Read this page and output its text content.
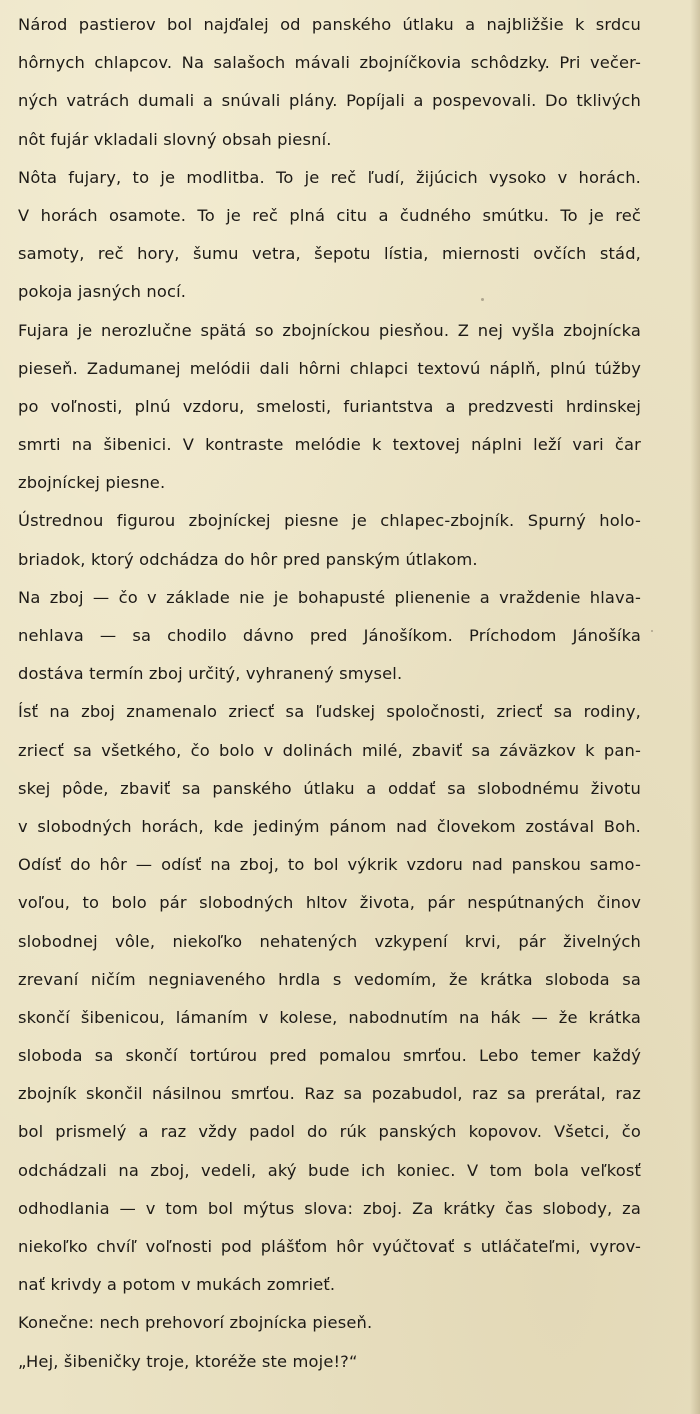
Národ pastierov bol najďalej od panského útlaku a najbližšie k srdcu
hôrnych chlapcov. Na salašoch mávali zbojníčkovia schôdzky. Pri večer-
ných vatrách dumali a snúvali plány. Popíjali a pospevovali. Do tklivých
nôt fujár vkladali slovný obsah piesní.
Nôta fujary, to je modlitba. To je reč ľudí, žijúcich vysoko v horách.
V horách osamote. To je reč plná citu a čudného smútku. To je reč
samoty, reč hory, šumu vetra, šepotu lístia, miernosti ovčích stád,
pokoja jasných nocí.
Fujara je nerozlučne spätá so zbojníckou piesňou. Z nej vyšla zbojnícka
pieseň. Zadumanej melódii dali hôrni chlapci textovú náplň, plnú túžby
po voľnosti, plnú vzdoru, smelosti, furiantstva a predzvesti hrdinskej
smrti na šibenici. V kontraste melódie k textovej náplni leží vari čar
zbojníckej piesne.
Ústrednou figurou zbojníckej piesne je chlapec-zbojník. Spurný holo-
briadok, ktorý odchádza do hôr pred panským útlakom.
Na zboj — čo v základe nie je bohapusté plienenie a vraždenie hlava-
nehlava — sa chodilo dávno pred Jánošíkom. Príchodom Jánošíka
dostáva termín zboj určitý, vyhranený smysel.
Ísť na zboj znamenalo zriecť sa ľudskej spoločnosti, zriecť sa rodiny,
zriecť sa všetkého, čo bolo v dolinách milé, zbaviť sa záväzkov k pan-
skej pôde, zbaviť sa panského útlaku a oddať sa slobodnému životu
v slobodných horách, kde jediným pánom nad človekom zostával Boh.
Odísť do hôr — odísť na zboj, to bol výkrik vzdoru nad panskou samo-
voľou, to bolo pár slobodných hltov života, pár nespútnaných činov
slobodnej vôle, niekoľko nehatených vzkypení krvi, pár živelných
zrevaní ničím negniaveného hrdla s vedomím, že krátka sloboda sa
skončí šibenicou, lámaním v kolese, nabodnutím na hák — že krátka
sloboda sa skončí tortúrou pred pomalou smrťou. Lebo temer každý
zbojník skončil násilnou smrťou. Raz sa pozabudol, raz sa prerátal, raz
bol prismelý a raz vždy padol do rúk panských kopovov. Všetci, čo
odchádzali na zboj, vedeli, aký bude ich koniec. V tom bola veľkosť
odhodlania — v tom bol mýtus slova: zboj. Za krátky čas slobody, za
niekoľko chvíľ voľnosti pod plášťom hôr vyúčtovať s utláčateľmi, vyrov-
nať krivdy a potom v mukách zomrieť.
Konečne: nech prehovorí zbojnícka pieseň.
„Hej, šibeničky troje, ktoréže ste moje!?“
